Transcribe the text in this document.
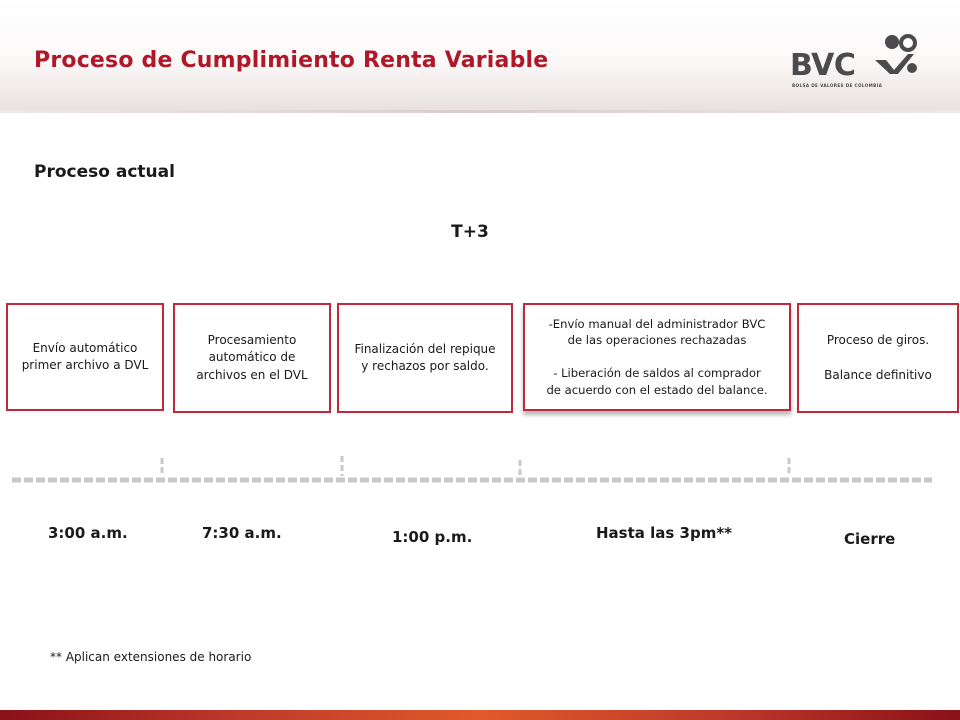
Proceso de Cumplimiento Renta Variable	BVC
BOLSA DE VALORES DE COLOMBIA
Proceso actual
T+3
Envío automático
primer archivo a DVL
Procesamiento
automático de
archivos en el DVL
Finalización del repique
y rechazos por saldo.
-Envío manual del administrador BVC
de las operaciones rechazadas

- Liberación de saldos al comprador
de acuerdo con el estado del balance.
Proceso de giros.

Balance definitivo
3:00 a.m.	7:30 a.m.	1:00 p.m.	Hasta las 3pm**	Cierre
** Aplican extensiones de horario
